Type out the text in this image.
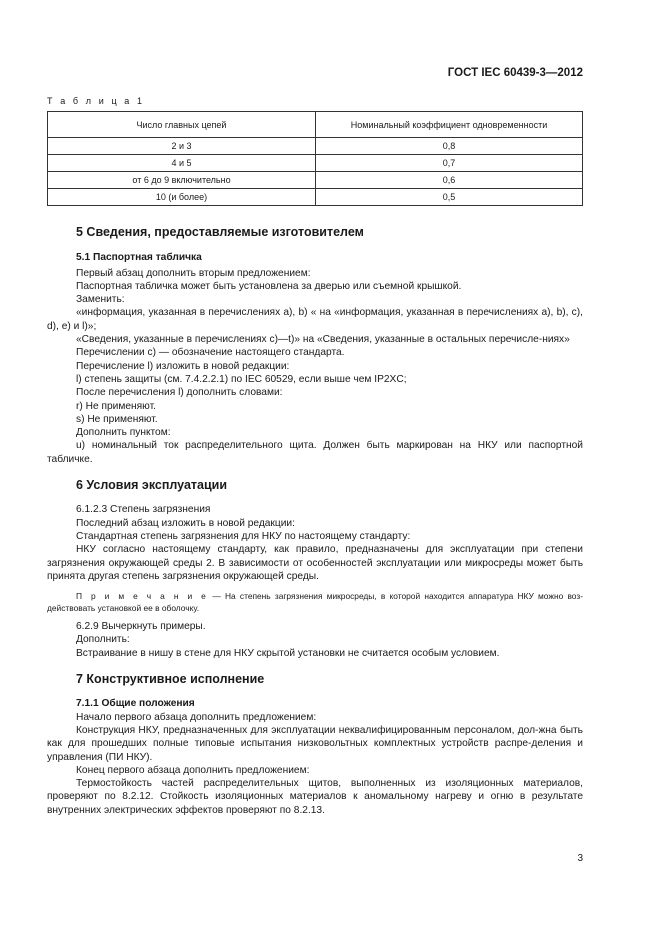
ГОСТ IEC 60439-3—2012
Т а б л и ц а 1
Число главных цепей	Номинальный коэффициент одновременности
2 и 3	0,8
4 и 5	0,7
от 6 до 9 включительно	0,6
10 (и более)	0,5
5 Сведения, предоставляемые изготовителем
5.1 Паспортная табличка

Первый абзац дополнить вторым предложением:

Паспортная табличка может быть установлена за дверью или съемной крышкой.

Заменить:

«информация, указанная в перечислениях а), b) « на «информация, указанная в перечислениях а), b), с), d), е) и l)»;

«Сведения, указанные в перечислениях с)—t)» на «Сведения, указанные в остальных перечисле-ниях»

Перечислении с) — обозначение настоящего стандарта.

Перечисление l) изложить в новой редакции:

l) степень защиты (см. 7.4.2.2.1) по IEC 60529, если выше чем IP2XC;

После перечисления l) дополнить словами:

r) Не применяют.

s) Не применяют.

Дополнить пунктом:

u) номинальный ток распределительного щита. Должен быть маркирован на НКУ или паспортной табличке.

6 Условия эксплуатации

6.1.2.3 Степень загрязнения

Последний абзац изложить в новой редакции:

Стандартная степень загрязнения для НКУ по настоящему стандарту:

НКУ согласно настоящему стандарту, как правило, предназначены для эксплуатации при степени загрязнения окружающей среды 2. В зависимости от особенностей эксплуатации или микросреды может быть принята другая степень загрязнения окружающей среды.

П р и м е ч а н и е — На степень загрязнения микросреды, в которой находится аппаратура НКУ можно воз-действовать установкой ее в оболочку.

6.2.9 Вычеркнуть примеры.

Дополнить:

Встраивание в нишу в стене для НКУ скрытой установки не считается особым условием.

7 Конструктивное исполнение
7.1.1 Общие положения

Начало первого абзаца дополнить предложением:

Конструкция НКУ, предназначенных для эксплуатации неквалифицированным персоналом, дол-жна быть как для прошедших полные типовые испытания низковольтных комплектных устройств распре-деления и управления (ПИ НКУ).

Конец первого абзаца дополнить предложением:

Термостойкость частей распределительных щитов, выполненных из изоляционных материалов, проверяют по 8.2.12. Стойкость изоляционных материалов к аномальному нагреву и огню в результате внутренних электрических эффектов проверяют по 8.2.13.

3
